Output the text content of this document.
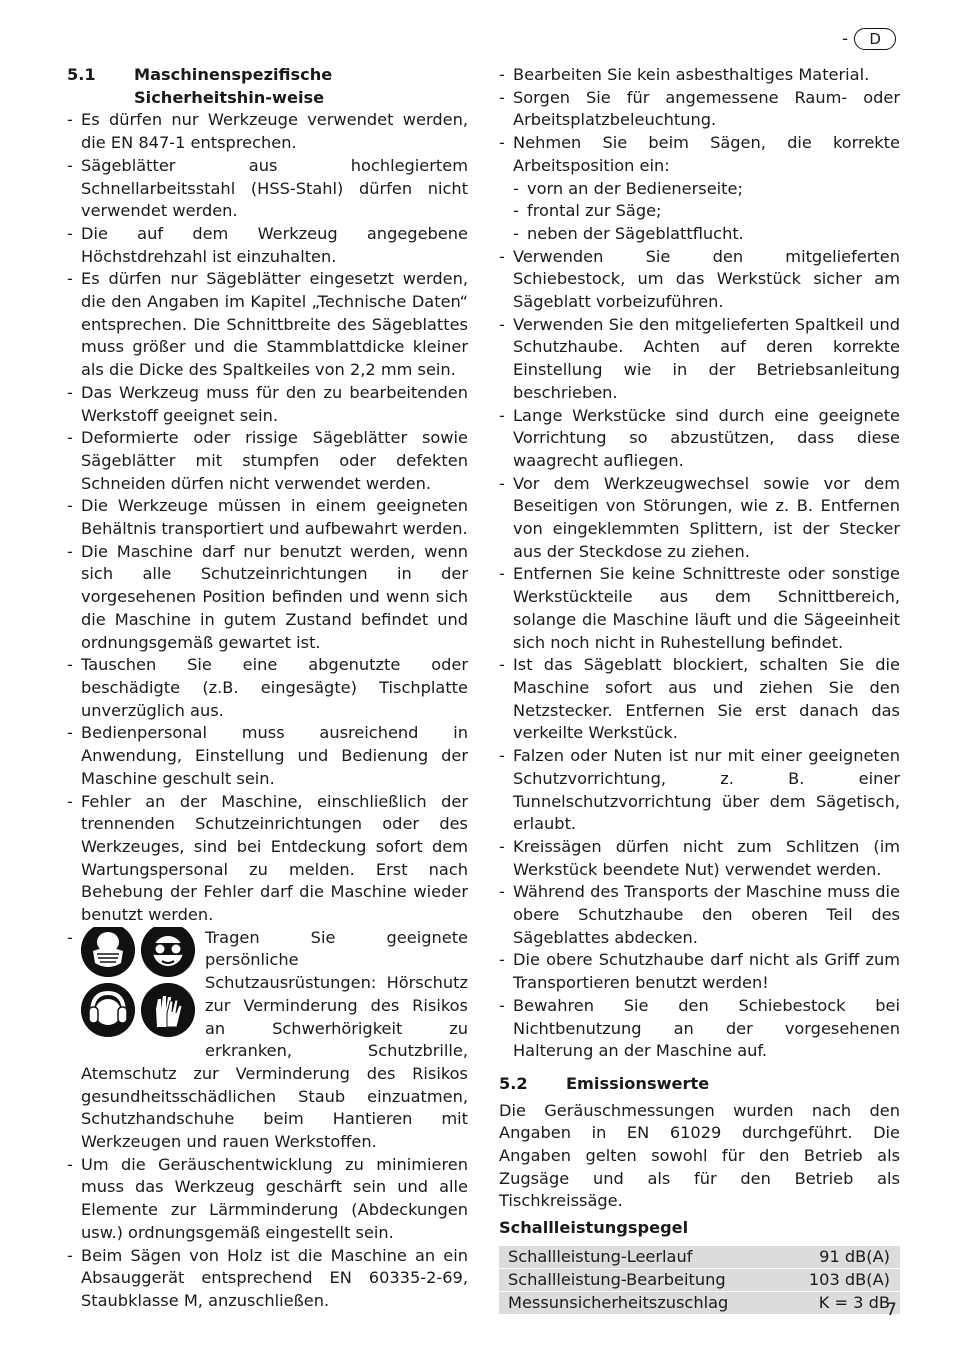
-	D
5.1	Maschinenspezifische Sicherheitshin-weise
- Es dürfen nur Werkzeuge verwendet werden, die EN 847-1 entsprechen.
- Sägeblätter aus hochlegiertem Schnellarbeitsstahl (HSS-Stahl) dürfen nicht verwendet werden.
- Die auf dem Werkzeug angegebene Höchstdrehzahl ist einzuhalten.
- Es dürfen nur Sägeblätter eingesetzt werden, die den Angaben im Kapitel „Technische Daten“ entsprechen. Die Schnittbreite des Sägeblattes muss größer und die Stammblattdicke kleiner als die Dicke des Spaltkeiles von 2,2 mm sein.
- Das Werkzeug muss für den zu bearbeitenden Werkstoff geeignet sein.
- Deformierte oder rissige Sägeblätter sowie Sägeblätter mit stumpfen oder defekten Schneiden dürfen nicht verwendet werden.
- Die Werkzeuge müssen in einem geeigneten Behältnis transportiert und aufbewahrt werden.
- Die Maschine darf nur benutzt werden, wenn sich alle Schutzeinrichtungen in der vorgesehenen Position befinden und wenn sich die Maschine in gutem Zustand befindet und ordnungsgemäß gewartet ist.
- Tauschen Sie eine abgenutzte oder beschädigte (z.B. eingesägte) Tischplatte unverzüglich aus.
- Bedienpersonal muss ausreichend in Anwendung, Einstellung und Bedienung der Maschine geschult sein.
- Fehler an der Maschine, einschließlich der trennenden Schutzeinrichtungen oder des Werkzeuges, sind bei Entdeckung sofort dem Wartungspersonal zu melden. Erst nach Behebung der Fehler darf die Maschine wieder benutzt werden.
- Tragen Sie geeignete persönliche Schutzausrüstungen: Hörschutz zur Verminderung des Risikos an Schwerhörigkeit zu erkranken, Schutzbrille, Atemschutz zur Verminderung des Risikos gesundheitsschädlichen Staub einzuatmen, Schutzhandschuhe beim Hantieren mit Werkzeugen und rauen Werkstoffen.
- Um die Geräuschentwicklung zu minimieren muss das Werkzeug geschärft sein und alle Elemente zur Lärmminderung (Abdeckungen usw.) ordnungsgemäß eingestellt sein.
- Beim Sägen von Holz ist die Maschine an ein Absauggerät entsprechend EN 60335-2-69, Staubklasse M, anzuschließen.
- Bearbeiten Sie kein asbesthaltiges Material.
- Sorgen Sie für angemessene Raum- oder Arbeitsplatzbeleuchtung.
- Nehmen Sie beim Sägen, die korrekte Arbeitsposition ein:
- vorn an der Bedienerseite;
- frontal zur Säge;
- neben der Sägeblattflucht.
- Verwenden Sie den mitgelieferten Schiebestock, um das Werkstück sicher am Sägeblatt vorbeizuführen.
- Verwenden Sie den mitgelieferten Spaltkeil und Schutzhaube. Achten auf deren korrekte Einstellung wie in der Betriebsanleitung beschrieben.
- Lange Werkstücke sind durch eine geeignete Vorrichtung so abzustützen, dass diese waagrecht aufliegen.
- Vor dem Werkzeugwechsel sowie vor dem Beseitigen von Störungen, wie z. B. Entfernen von eingeklemmten Splittern, ist der Stecker aus der Steckdose zu ziehen.
- Entfernen Sie keine Schnittreste oder sonstige Werkstückteile aus dem Schnittbereich, solange die Maschine läuft und die Sägeeinheit sich noch nicht in Ruhestellung befindet.
- Ist das Sägeblatt blockiert, schalten Sie die Maschine sofort aus und ziehen Sie den Netzstecker. Entfernen Sie erst danach das verkeilte Werkstück.
- Falzen oder Nuten ist nur mit einer geeigneten Schutzvorrichtung, z. B. einer Tunnelschutzvorrichtung über dem Sägetisch, erlaubt.
- Kreissägen dürfen nicht zum Schlitzen (im Werkstück beendete Nut) verwendet werden.
- Während des Transports der Maschine muss die obere Schutzhaube den oberen Teil des Sägeblattes abdecken.
- Die obere Schutzhaube darf nicht als Griff zum Transportieren benutzt werden!
- Bewahren Sie den Schiebestock bei Nichtbenutzung an der vorgesehenen Halterung an der Maschine auf.
5.2	Emissionswerte
Die Geräuschmessungen wurden nach den Angaben in EN 61029 durchgeführt. Die Angaben gelten sowohl für den Betrieb als Zugsäge und als für den Betrieb als Tischkreissäge.
Schallleistungspegel
Schallleistung-Leerlauf	91 dB(A)
Schallleistung-Bearbeitung	103 dB(A)
Messunsicherheitszuschlag	K = 3 dB
7
